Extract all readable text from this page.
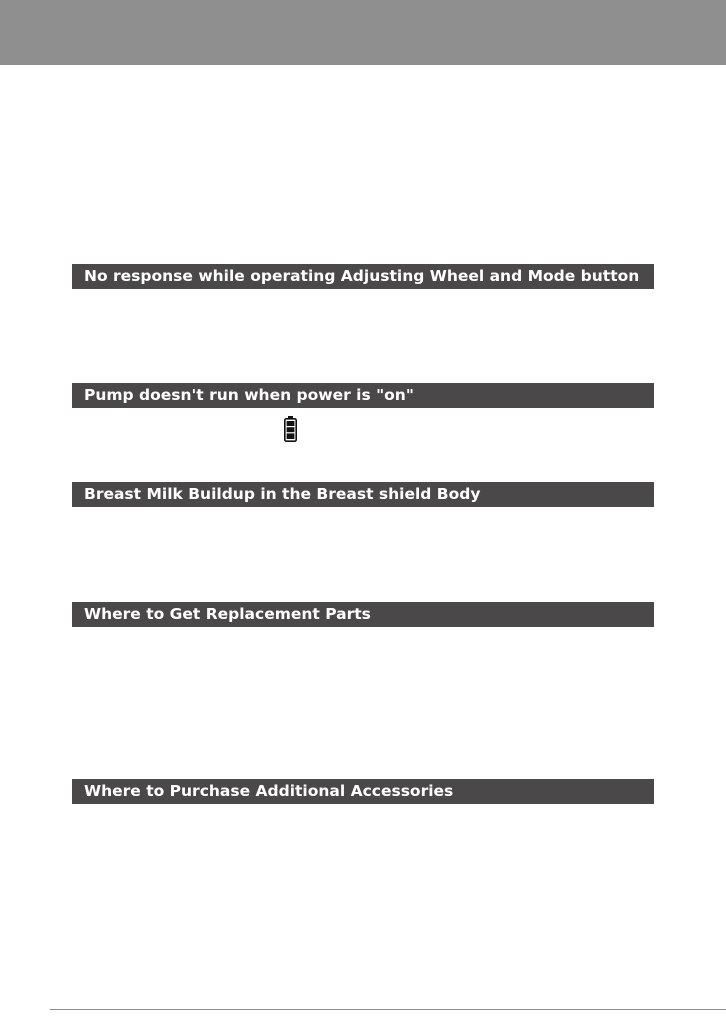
No response while operating Adjusting Wheel and Mode button
Pump doesn't run when power is "on"
Breast Milk Buildup in the Breast shield Body
Where to Get Replacement Parts
Where to Purchase Additional Accessories
